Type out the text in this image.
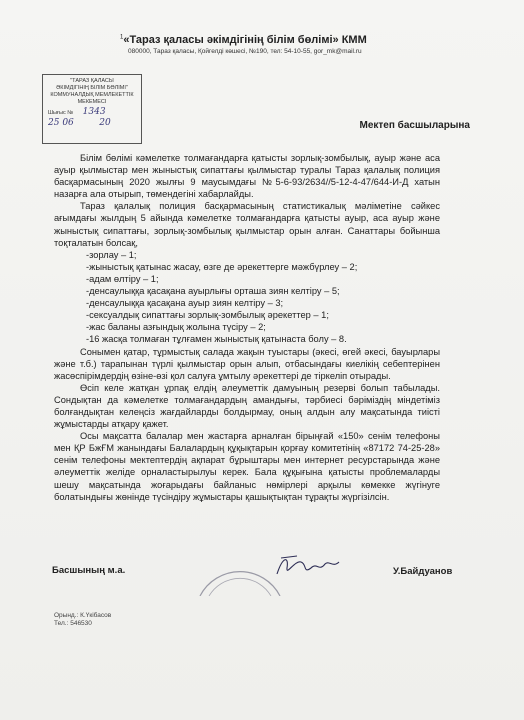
$^1$«Тараз қаласы әкімдігінің білім бөлімі» КММ
080000, Тараз қаласы, Қойгелді көшесі, №190, тел: 54-10-55, gor_mk@mail.ru
"ТАРАЗ ҚАЛАСЫ
ӘКІМДІГІНІҢ БІЛІМ БӨЛІМІ"
КОММУНАЛДЫҚ МЕМЛЕКЕТТІК
МЕКЕМЕСІ
Шығыс № 1343
25 06	20	Мектеп басшыларына

Білім бөлімі кәмелетке толмағандарға қатысты зорлық-зомбылық, ауыр және аса ауыр қылмыстар мен жыныстық сипаттағы қылмыстар туралы Тараз қалалық полиция басқармасының 2020 жылғы 9 маусымдағы №5-6-93/2634//5-12-4-47/644-И-Д хатын назарға ала отырып, төмендегіні хабарлайды.

Тараз қалалық полиция басқармасының статистикалық мәліметіне сәйкес ағымдағы жылдың 5 айында кәмелетке толмағандарға қатысты ауыр, аса ауыр және жыныстық сипаттағы, зорлық-зомбылық қылмыстар орын алған. Санаттары бойынша тоқталатын болсақ,

-зорлау – 1;
-жыныстық қатынас жасау, өзге де әрекеттерге мәжбүрлеу – 2;
-адам өлтіру – 1;
-денсаулыққа қасақана ауырлығы орташа зиян келтіру – 5;
-денсаулыққа қасақана ауыр зиян келтіру – 3;
-сексуалдық сипаттағы зорлық-зомбылық әрекеттер – 1;
-жас баланы азғындық жолына түсіру – 2;
-16 жасқа толмаған тұлғамен жыныстық қатынаста болу – 8.

Сонымен қатар, тұрмыстық салада жақын туыстары (әкесі, өгей әкесі, бауырлары және т.б.) тарапынан түрлі қылмыстар орын алып, отбасындағы киелікің себептерінен жасөспірімдердің өзіне-өзі қол салуға ұмтылу әрекеттері де тіркеліп отырады.

Өсіп келе жатқан ұрпақ елдің әлеуметтік дамуының резерві болып табылады. Сондықтан да кәмелетке толмағандардың амандығы, тәрбиесі бәріміздің міндетіміз болғандықтан келеңсіз жағдайларды болдырмау, оның алдын алу мақсатында тиісті жұмыстарды атқару қажет.

Осы мақсатта балалар мен жастарға арналған бірыңғай «150» сенім телефоны мен ҚР БжҒМ жанындағы Балалардың құқықтарын қорғау комитетінің «87172 74-25-28» сенім телефоны мектептердің ақпарат бұрыштары мен интернет ресурстарында және әлеуметтік желіде орналастырылуы керек. Бала құқығына қатысты проблемаларды шешу мақсатында жоғарыдағы байланыс нөмірлері арқылы көмекке жүгінуге болатындығы жөнінде түсіндіру жұмыстары қашықтықтан тұрақты жүргізілсін.

Басшының м.а.	У.Байдуанов
Орынд.: К.Үкібасов
Тел.: 546530
